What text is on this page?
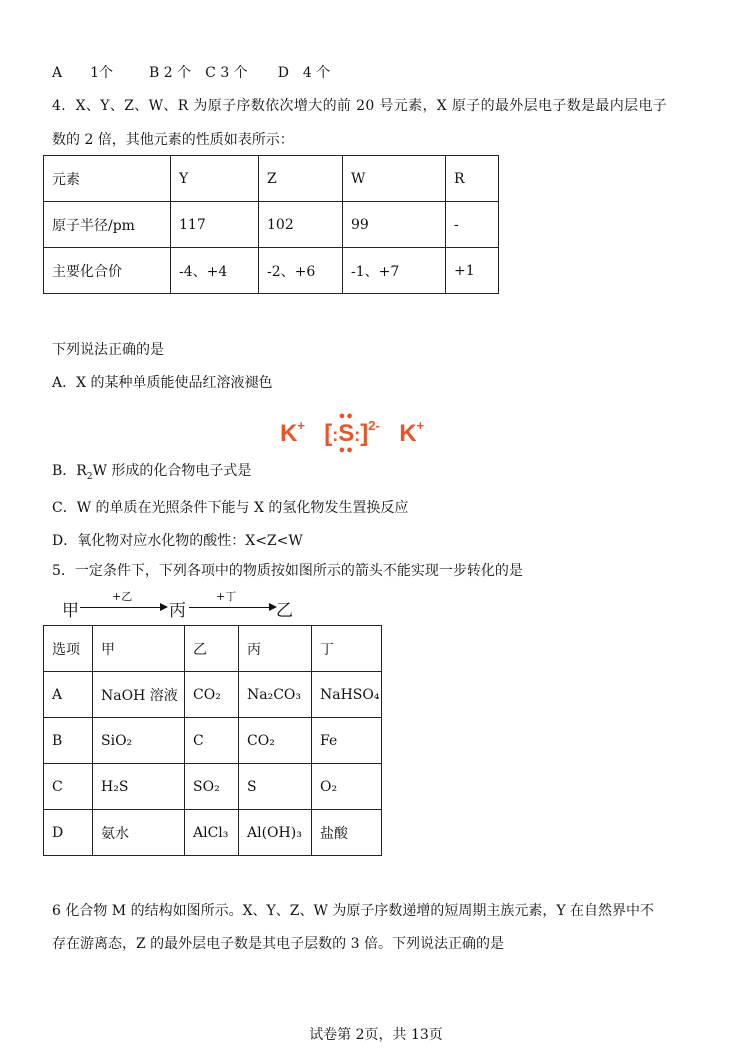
A 1个	B 2 个 C 3 个 D 4 个
4．X、Y、Z、W、R 为原子序数依次增大的前 20 号元素，X 原子的最外层电子数是最内层电子
数的 2 倍，其他元素的性质如表所示：
元素	Y	Z	W	R
原子半径/pm	117	102	99	-
主要化合价	-4、+4	-2、+6	-1、+7	+1
下列说法正确的是
A．X 的某种单质能使品红溶液褪色
K+ [:
●●
S
●●
:]$^{2-}$ K+
B．$R_2W$ 形成的化合物电子式是
C．W 的单质在光照条件下能与 X 的氢化物发生置换反应
D．氧化物对应水化物的酸性：X<Z<W
5．一定条件下，下列各项中的物质按如图所示的箭头不能实现一步转化的是
甲
+乙
丙
+丁
乙
选项	甲	乙	丙	丁
A	NaOH 溶液	CO₂	Na₂CO₃	NaHSO₄
B	SiO₂	C	CO₂	Fe
C	H₂S	SO₂	S	O₂
D	氨水	AlCl₃	Al(OH)₃	盐酸
6 化合物 M 的结构如图所示。X、Y、Z、W 为原子序数递增的短周期主族元素，Y 在自然界中不
存在游离态，Z 的最外层电子数是其电子层数的 3 倍。下列说法正确的是
试卷第 2页，共 13页
